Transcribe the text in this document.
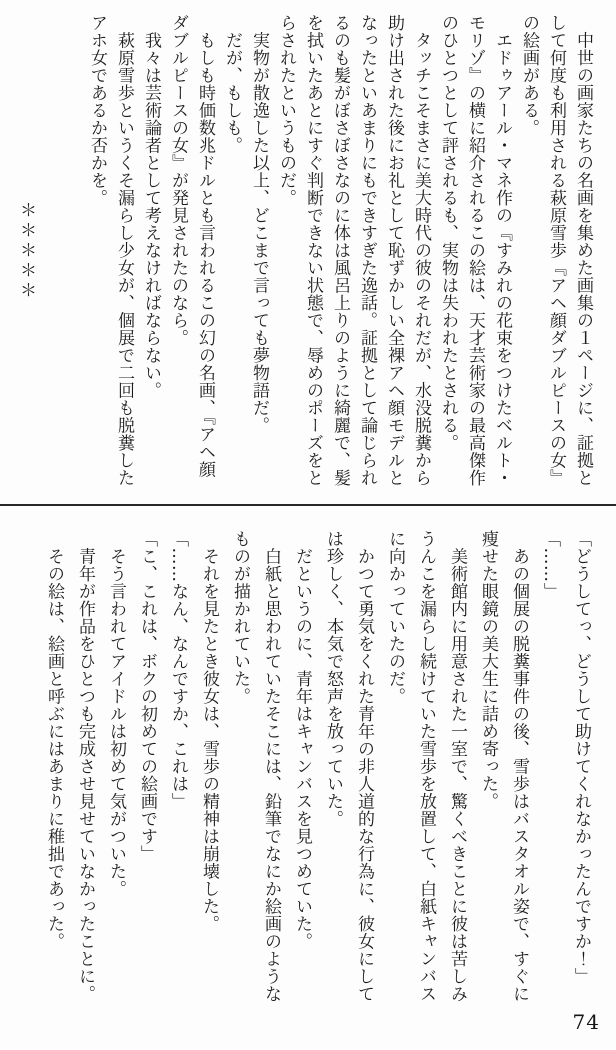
　中世の画家たちの名画を集めた画集の１ページに、証拠として何度も利用される萩原雪歩『アヘ顔ダブルピースの女』の絵画がある。

　エドゥアール・マネ作の『すみれの花束をつけたベルト・モリゾ』の横に紹介されるこの絵は、天才芸術家の最高傑作のひとつとして評されるも、実物は失われたとされる。

　タッチこそまさに美大時代の彼のそれだが、水没脱糞から助け出された後にお礼として恥ずかしい全裸アヘ顔モデルとなったといあまりにもできすぎた逸話。証拠として論じられるのも髪がぼさぼさなのに体は風呂上りのように綺麗で、髪を拭いたあとにすぐ判断できない状態で、辱めのポーズをとらされたというものだ。

　実物が散逸した以上、どこまで言っても夢物語だ。

　だが、もしも。

　もしも時価数兆ドルとも言われるこの幻の名画、『アヘ顔ダブルピースの女』が発見されたのなら。

　我々は芸術論者として考えなければならない。

　萩原雪歩というくそ漏らし少女が、個展で二回も脱糞したアホ女であるか否かを。

＊＊＊＊＊

「どうしてっ、どうして助けてくれなかったんですか！」

「……」

　あの個展の脱糞事件の後、雪歩はバスタオル姿で、すぐに痩せた眼鏡の美大生に詰め寄った。

　美術館内に用意された一室で、驚くべきことに彼は苦しみうんこを漏らし続けていた雪歩を放置して、白紙キャンバスに向かっていたのだ。

　かつて勇気をくれた青年の非人道的な行為に、彼女にしては珍しく、本気で怒声を放っていた。

　だというのに、青年はキャンバスを見つめていた。

　白紙と思われていたそこには、鉛筆でなにか絵画のようなものが描かれていた。

　それを見たとき彼女は、雪歩の精神は崩壊した。

「……なん、なんですか、これは」

「こ、これは、ボクの初めての絵画です」

　そう言われてアイドルは初めて気がついた。

　青年が作品をひとつも完成させ見せていなかったことに。

　その絵は、絵画と呼ぶにはあまりに稚拙であった。

74
